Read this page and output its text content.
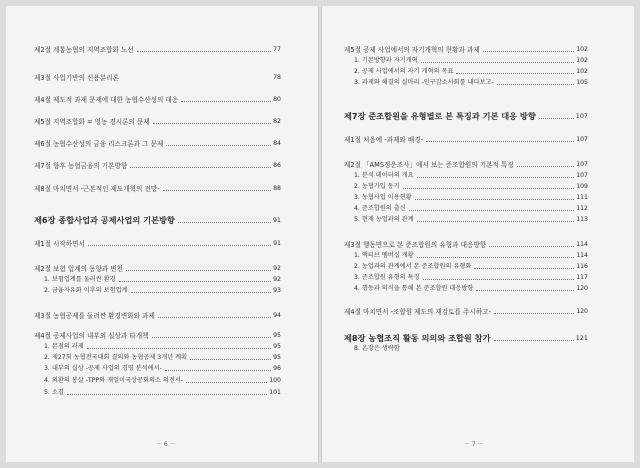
제2절 계통농협의 지역조합화 노선	77
제3절 사업기반의 신용분리론	78
제4절 제도적 과제 문제에 대한 농협수산성의 대응	80
제5절 지역조합화 = 영농 경시론의 문제	82
제6절 농협수산성의 금융 리스크론과 그 문제	84
제7절 향후 농협금융의 기본방향	86
제8절 마치면서 -근본적인 제도개혁의 전망-	88
제6장 종합사업과 공제사업의 기본방향	91
제1절 시작하면서	91
제2절 보험 업계의 동향과 변천	92
1. 보험업계를 둘러싼 환경	92
2. 금융자유화 이후의 보험업계	93
제3절 농협공제를 둘러싼 환경변화와 과제	94
제4절 공제사업의 내부외 실상과 타개책	95
1. 본점의 과제	95
2. 제27회 농협전국대회 결의와 농협공제 3개년 계획	95
3. 내부의 실상 -공제 사업의 경영 분석에서-	96
4. 외환의 봉살 -TPP와 재일미국상공회의소 의견서-	100
5. 소결	101
－ 6 －
제5절 공제 사업에서의 자기개혁의 현황과 과제	102
1. 기본방향과 자기개혁	102
2. 공제 사업에서의 자기 개혁의 목표	102
3. 과제와 해결의 실마리 -인구감소사회를 내다보고-	105
제7장 준조합원을 유형별로 본 특징과 기본 대응 방향	107
제1절 처음에 -과제와 배경-	107
제2절 「AMS정운조사」에서 보는 준조합원의 기본적 특징	107
1. 분석 데이터의 개요	107
2. 농협가입 동기	109
3. 농협사업 이용현황	111
4. 준조합원의 출신	112
5. 현재 농업과의 관계	113
제3절 행동면으로 본 준조합원의 유형과 대응방향	114
1. 액티브 멤버십 개황	114
2. 농업과의 관계에서 본 준조합원의 유형화	116
3. 준조합원 유형의 특징	117
4. 행동과 의식을 통해 본 준조합원 대응방향	120
제4절 마치면서 -조합원 제도의 재검토를 주시하고-	120
제8장 농협조직 활동 의의와 조합원 참가	121
8. 온장은 생략함
－ 7 －
